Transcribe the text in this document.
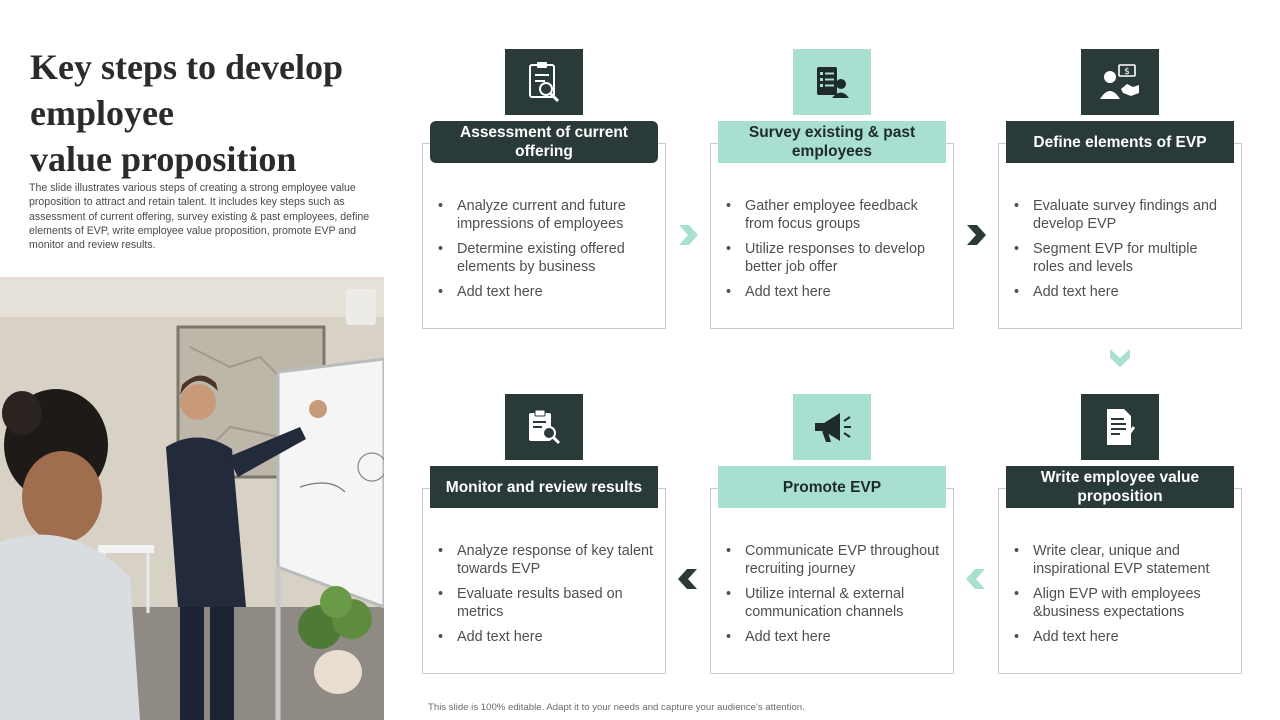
Key steps to develop
employee
value proposition

The slide illustrates various steps of creating a strong employee value proposition to attract and retain talent. It includes key steps such as assessment of current offering, survey existing & past employees, define elements of EVP, write employee value proposition, promote EVP and monitor and review results.

Assessment of current offering
• Analyze current and future impressions of employees
• Determine existing offered elements by business
• Add text here
Survey existing & past employees
• Gather employee feedback from focus groups
• Utilize responses to develop better job offer
• Add text here
$
Define elements of EVP
• Evaluate survey findings and develop EVP
• Segment EVP for multiple roles and levels
• Add text here
Write employee value proposition
• Write clear, unique and inspirational EVP statement
• Align EVP with employees &business expectations
• Add text here
Promote EVP
• Communicate EVP throughout recruiting journey
• Utilize internal & external communication channels
• Add text here
Monitor and review results
• Analyze response of key talent towards EVP
• Evaluate results based on metrics
• Add text here
This slide is 100% editable. Adapt it to your needs and capture your audience's attention.
